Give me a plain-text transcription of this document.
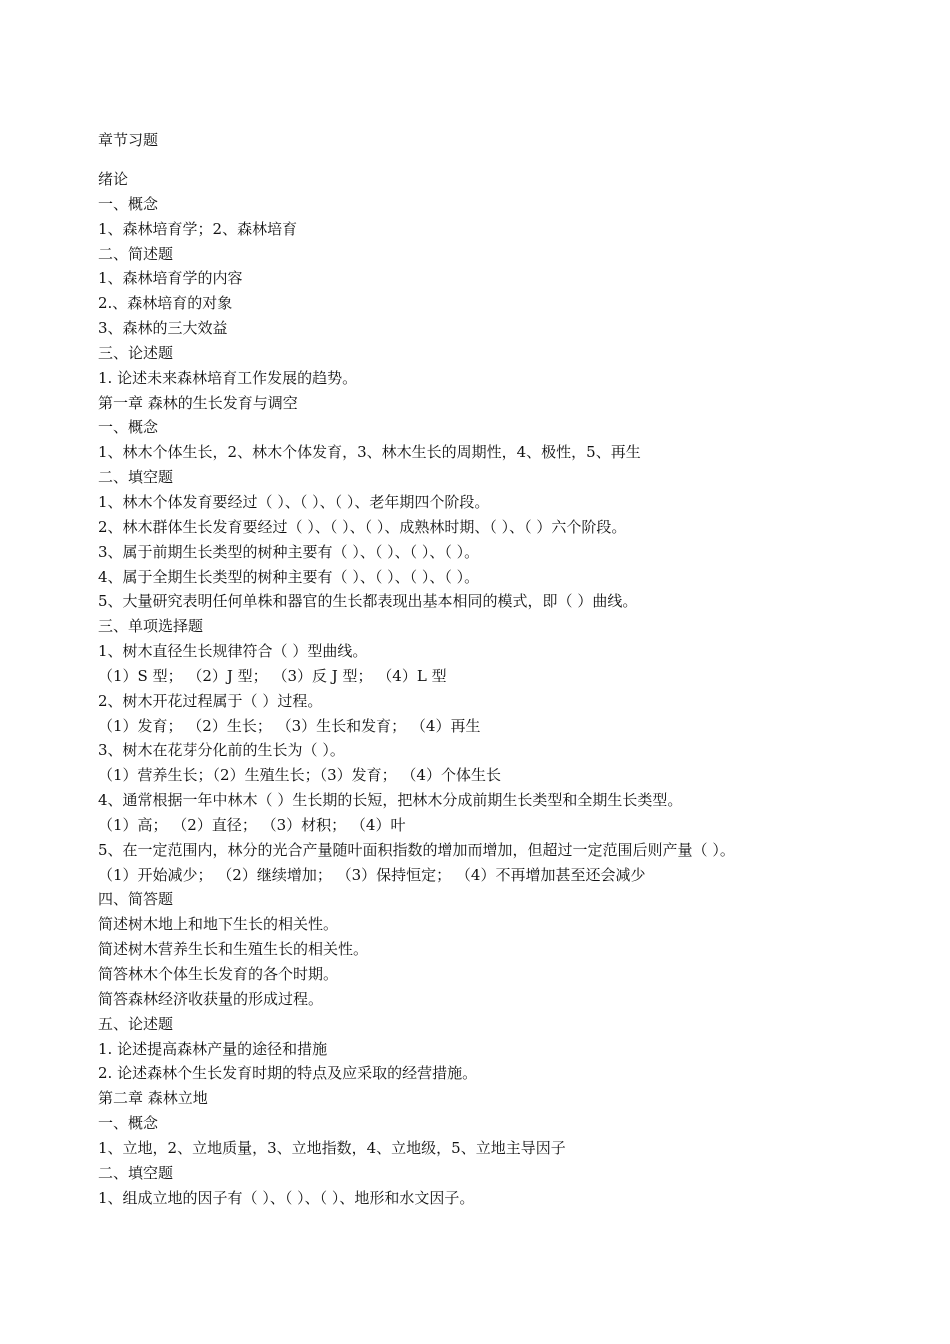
章节习题
绪论
一、概念
1、森林培育学；2、森林培育
二、简述题
1、森林培育学的内容
2.、森林培育的对象
3、森林的三大效益
三、论述题
1. 论述未来森林培育工作发展的趋势。
第一章 森林的生长发育与调空
一、概念
1、林木个体生长，2、林木个体发育，3、林木生长的周期性，4、极性，5、再生
二、填空题
1、林木个体发育要经过（ ）、（ ）、（ ）、老年期四个阶段。
2、林木群体生长发育要经过（ ）、（ ）、（ ）、成熟林时期、（ ）、（ ）六个阶段。
3、属于前期生长类型的树种主要有（ ）、（ ）、（ ）、（ ）。
4、属于全期生长类型的树种主要有（ ）、（ ）、（ ）、（ ）。
5、大量研究表明任何单株和器官的生长都表现出基本相同的模式，即（ ）曲线。
三、单项选择题
1、树木直径生长规律符合（ ）型曲线。
（1）S 型； （2）J 型； （3）反 J 型； （4）L 型
2、树木开花过程属于（ ）过程。
（1）发育； （2）生长； （3）生长和发育； （4）再生
3、树木在花芽分化前的生长为（ ）。
（1）营养生长；（2）生殖生长；（3）发育； （4）个体生长
4、通常根据一年中林木（ ）生长期的长短，把林木分成前期生长类型和全期生长类型。
（1）高； （2）直径； （3）材积； （4）叶
5、在一定范围内，林分的光合产量随叶面积指数的增加而增加，但超过一定范围后则产量（ ）。
（1）开始减少； （2）继续增加； （3）保持恒定； （4）不再增加甚至还会减少
四、简答题
简述树木地上和地下生长的相关性。
简述树木营养生长和生殖生长的相关性。
简答林木个体生长发育的各个时期。
简答森林经济收获量的形成过程。
五、论述题
1. 论述提高森林产量的途径和措施
2. 论述森林个生长发育时期的特点及应采取的经营措施。
第二章 森林立地
一、概念
1、立地，2、立地质量，3、立地指数，4、立地级，5、立地主导因子
二、填空题
1、组成立地的因子有（ ）、（ ）、（ ）、地形和水文因子。
